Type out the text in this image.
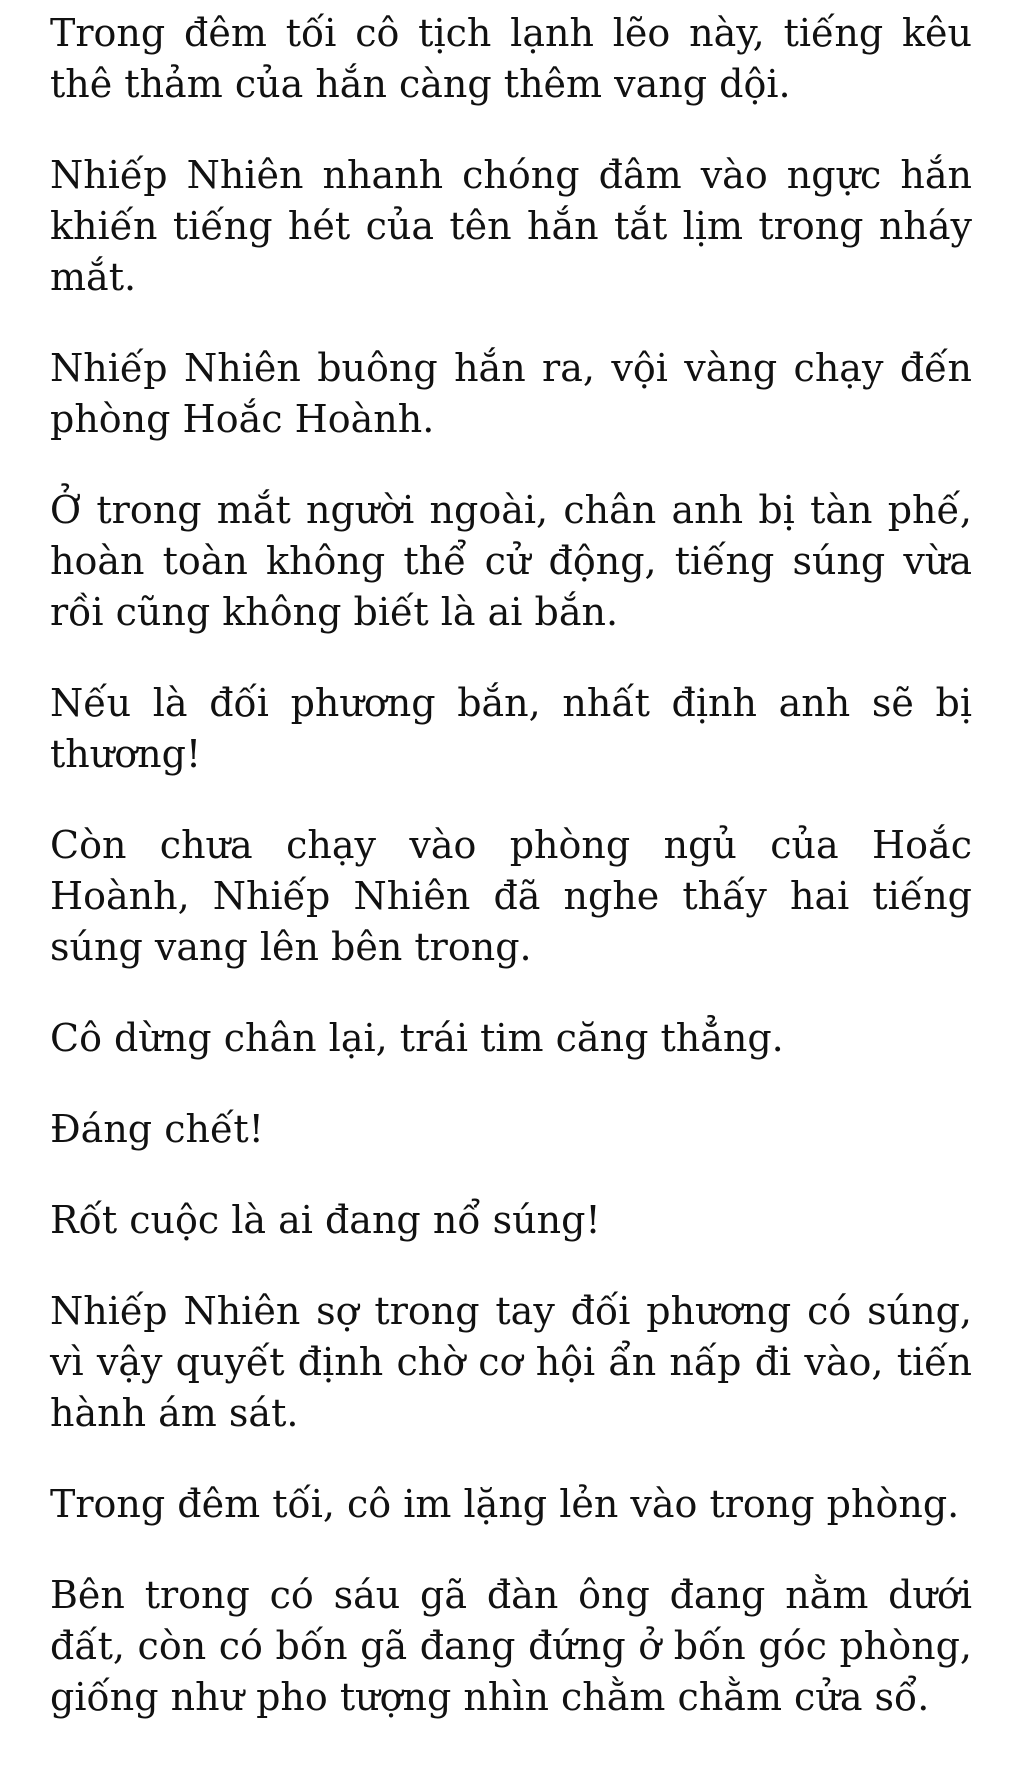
Trong đêm tối cô tịch lạnh lẽo này, tiếng kêu thê thảm của hắn càng thêm vang dội.

Nhiếp Nhiên nhanh chóng đâm vào ngực hắn khiến tiếng hét của tên hắn tắt lịm trong nháy mắt.

Nhiếp Nhiên buông hắn ra, vội vàng chạy đến phòng Hoắc Hoành.

Ở trong mắt người ngoài, chân anh bị tàn phế, hoàn toàn không thể cử động, tiếng súng vừa rồi cũng không biết là ai bắn.

Nếu là đối phương bắn, nhất định anh sẽ bị thương!

Còn chưa chạy vào phòng ngủ của Hoắc Hoành, Nhiếp Nhiên đã nghe thấy hai tiếng súng vang lên bên trong.

Cô dừng chân lại, trái tim căng thẳng.

Đáng chết!

Rốt cuộc là ai đang nổ súng!

Nhiếp Nhiên sợ trong tay đối phương có súng, vì vậy quyết định chờ cơ hội ẩn nấp đi vào, tiến hành ám sát.

Trong đêm tối, cô im lặng lẻn vào trong phòng.

Bên trong có sáu gã đàn ông đang nằm dưới đất, còn có bốn gã đang đứng ở bốn góc phòng, giống như pho tượng nhìn chằm chằm cửa sổ.
